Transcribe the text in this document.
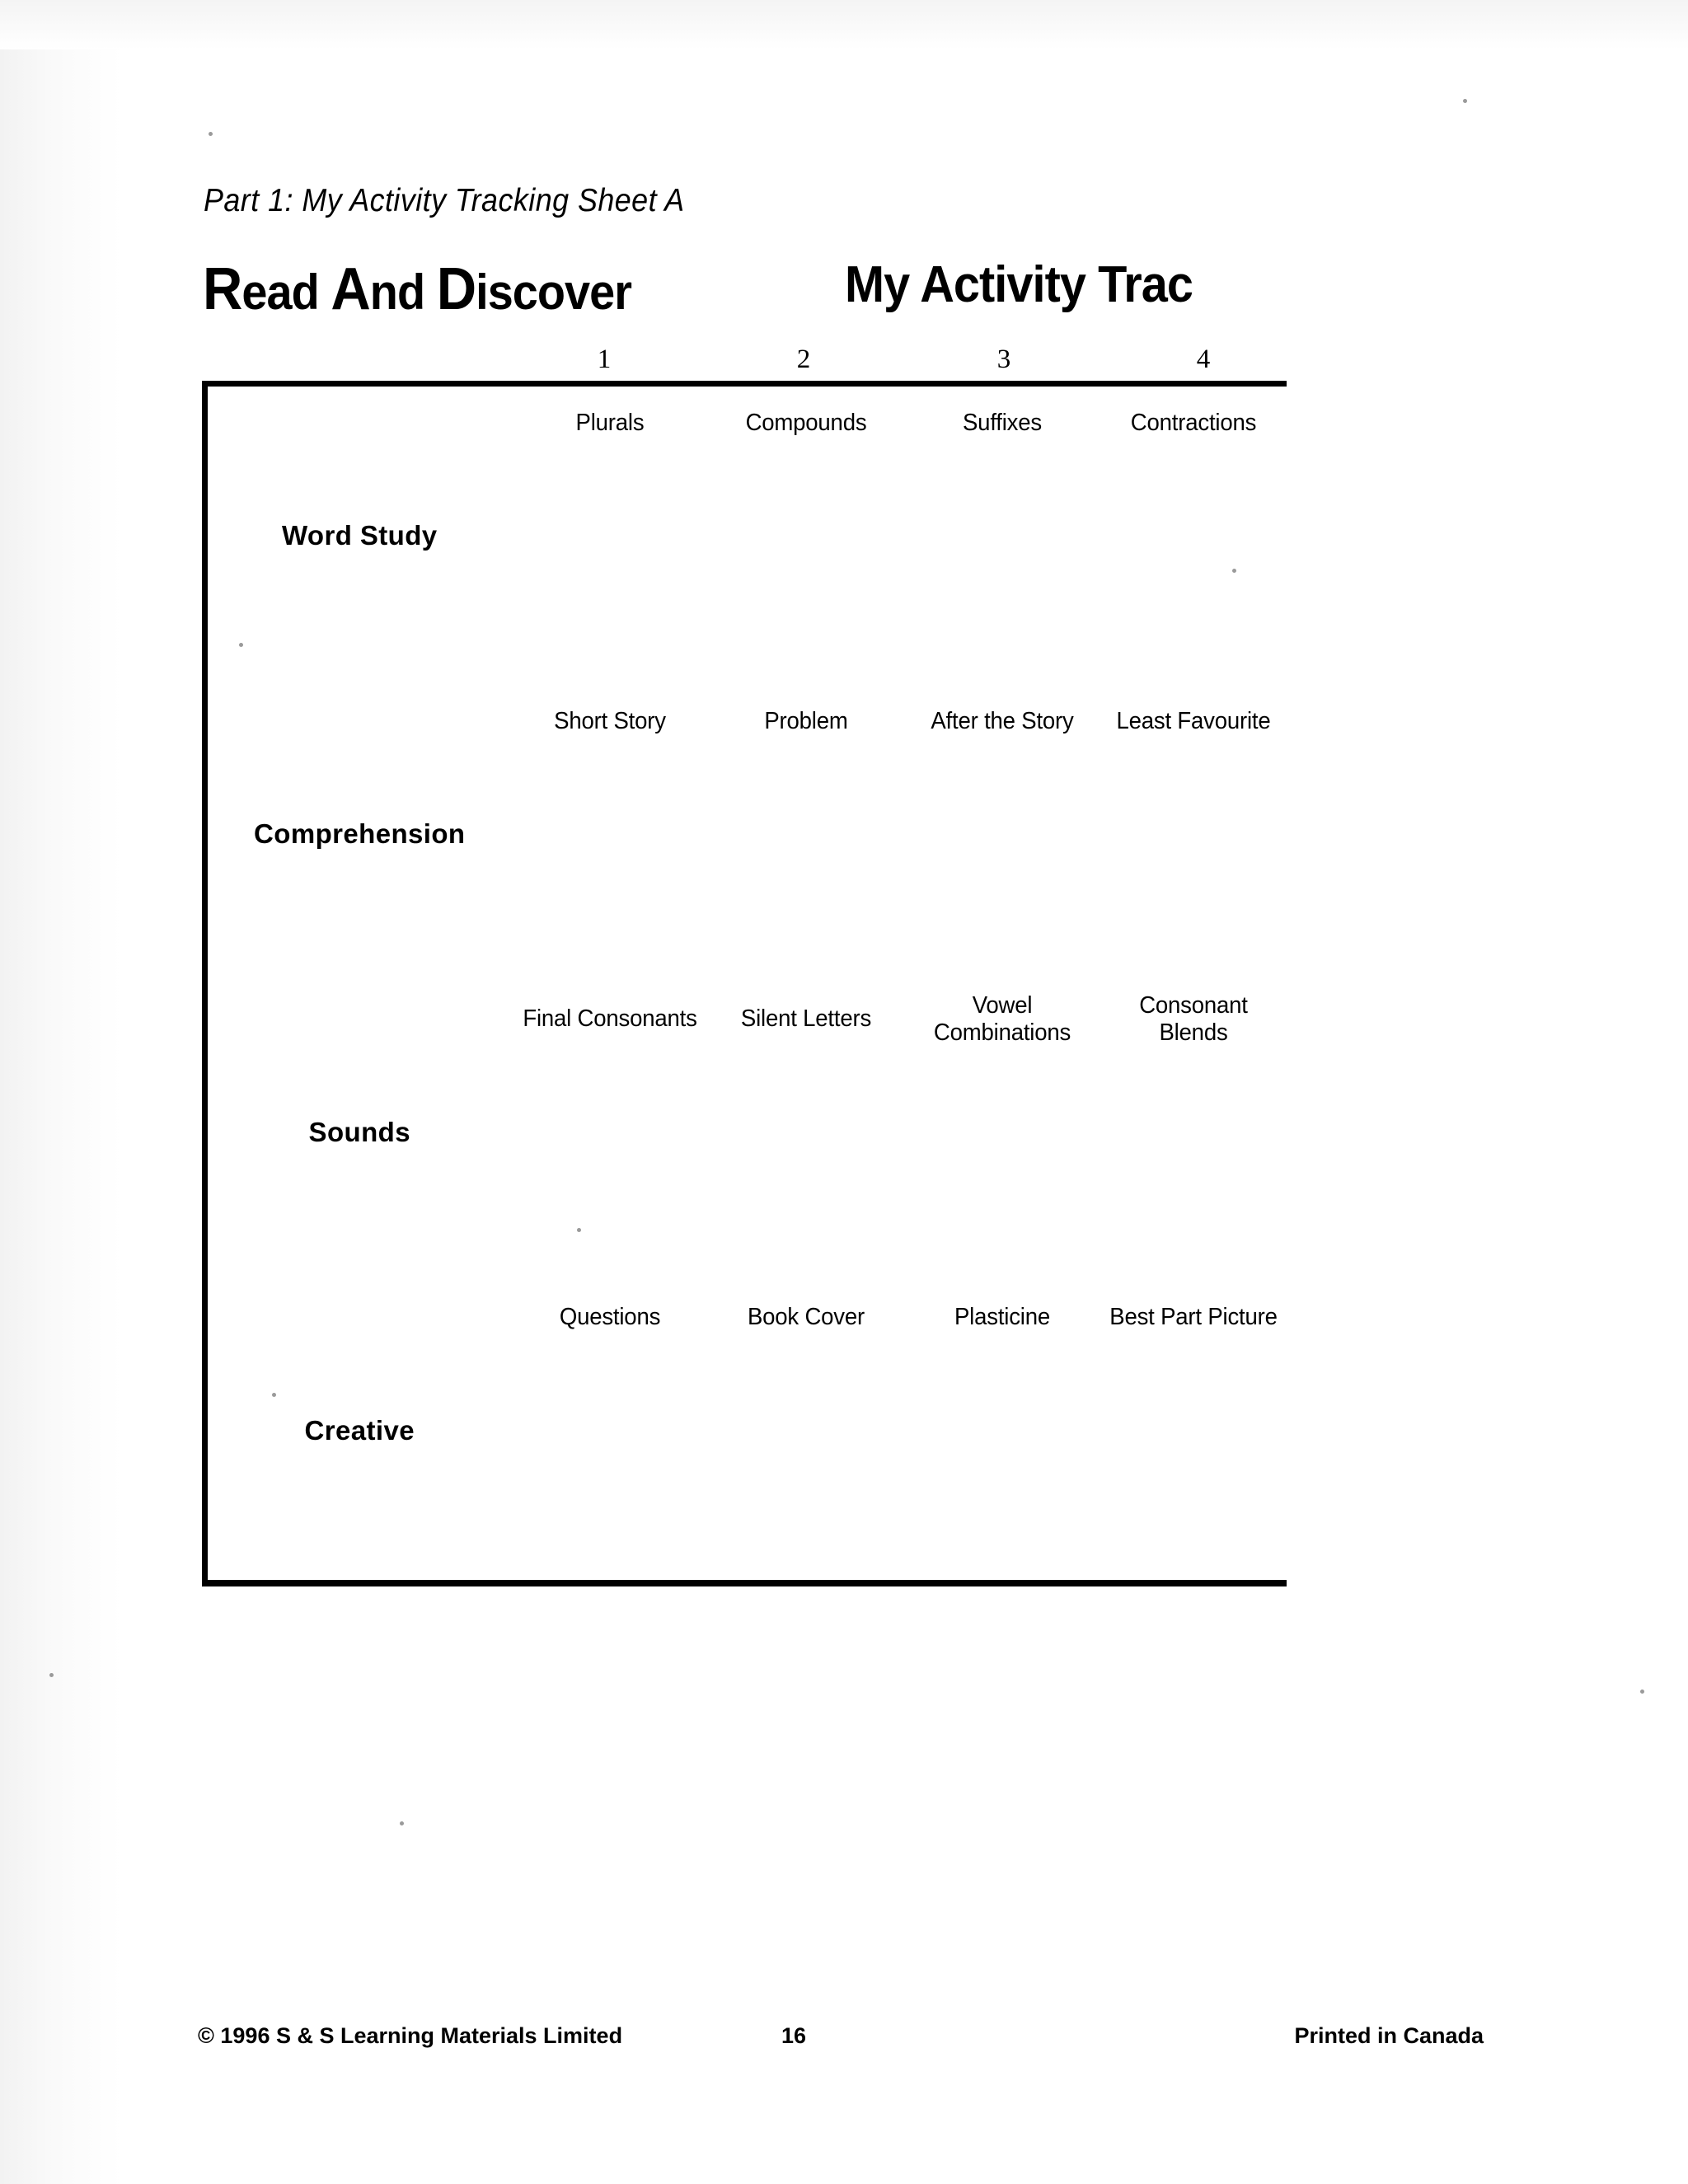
Part 1: My Activity Tracking Sheet A
Read And Discover	My Activity Trac
1	2	3	4
Word Study	Plurals	Compounds	Suffixes	Contractions

Comprehension	Short Story	Problem	After the Story	Least Favourite

Sounds	Final Consonants	Silent Letters	Vowel Combinations	Consonant Blends

Creative	Questions	Book Cover	Plasticine	Best Part Picture

© 1996 S & S Learning Materials Limited	16	Printed in Canada
